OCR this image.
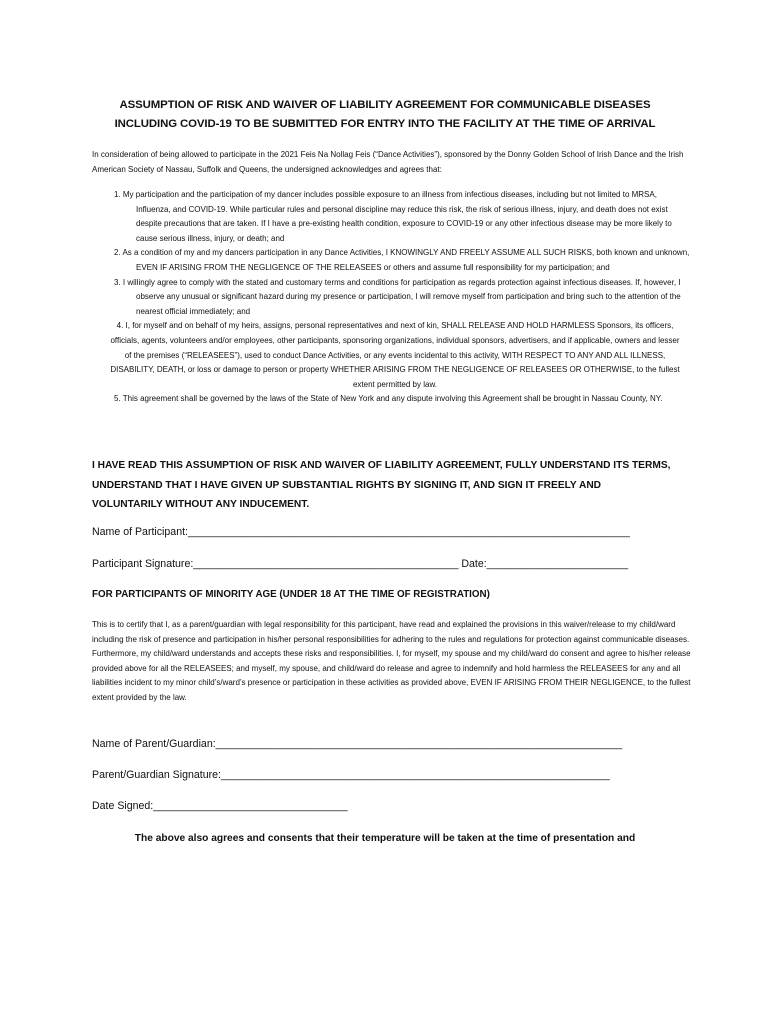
ASSUMPTION OF RISK AND WAIVER OF LIABILITY AGREEMENT FOR COMMUNICABLE DISEASES
INCLUDING COVID-19 TO BE SUBMITTED FOR ENTRY INTO THE FACILITY AT THE TIME OF ARRIVAL
In consideration of being allowed to participate in the 2021 Feis Na Nollag Feis (“Dance Activities”), sponsored by the Donny Golden School of Irish Dance and the Irish American Society of Nassau, Suffolk and Queens, the undersigned acknowledges and agrees that:
1. My participation and the participation of my dancer includes possible exposure to an illness from infectious diseases, including but not limited to MRSA, Influenza, and COVID-19. While particular rules and personal discipline may reduce this risk, the risk of serious illness, injury, and death does not exist despite precautions that are taken. If I have a pre-existing health condition, exposure to COVID-19 or any other infectious disease may be more likely to cause serious illness, injury, or death; and
2. As a condition of my and my dancers participation in any Dance Activities, I KNOWINGLY AND FREELY ASSUME ALL SUCH RISKS, both known and unknown, EVEN IF ARISING FROM THE NEGLIGENCE OF THE RELEASEES or others and assume full responsibility for my participation; and
3. I willingly agree to comply with the stated and customary terms and conditions for participation as regards protection against infectious diseases. If, however, I observe any unusual or significant hazard during my presence or participation, I will remove myself from participation and bring such to the attention of the nearest official immediately; and
4. I, for myself and on behalf of my heirs, assigns, personal representatives and next of kin, SHALL RELEASE AND HOLD HARMLESS Sponsors, its officers, officials, agents, volunteers and/or employees, other participants, sponsoring organizations, individual sponsors, advertisers, and if applicable, owners and lesser of the premises (“RELEASEES”), used to conduct Dance Activities, or any events incidental to this activity, WITH RESPECT TO ANY AND ALL ILLNESS, DISABILITY, DEATH, or loss or damage to person or property WHETHER ARISING FROM THE NEGLIGENCE OF RELEASEES OR OTHERWISE, to the fullest extent permitted by law.
5. This agreement shall be governed by the laws of the State of New York and any dispute involving this Agreement shall be brought in Nassau County, NY.
I HAVE READ THIS ASSUMPTION OF RISK AND WAIVER OF LIABILITY AGREEMENT, FULLY UNDERSTAND ITS TERMS, UNDERSTAND THAT I HAVE GIVEN UP SUBSTANTIAL RIGHTS BY SIGNING IT, AND SIGN IT FREELY AND VOLUNTARILY WITHOUT ANY INDUCEMENT.
Name of Participant:___________________________________________________________________________
Participant Signature:_____________________________________________ Date:________________________
FOR PARTICIPANTS OF MINORITY AGE (UNDER 18 AT THE TIME OF REGISTRATION)
This is to certify that I, as a parent/guardian with legal responsibility for this participant, have read and explained the provisions in this waiver/release to my child/ward including the risk of presence and participation in his/her personal responsibilities for adhering to the rules and regulations for protection against communicable diseases. Furthermore, my child/ward understands and accepts these risks and responsibilities. I, for myself, my spouse and my child/ward do consent and agree to his/her release provided above for all the RELEASEES; and myself, my spouse, and child/ward do release and agree to indemnify and hold harmless the RELEASEES for any and all liabilities incident to my minor child’s/ward’s presence or participation in these activities as provided above, EVEN IF ARISING FROM THEIR NEGLIGENCE, to the fullest extent provided by the law.
Name of Parent/Guardian:_____________________________________________________________________
Parent/Guardian Signature:__________________________________________________________________
Date Signed:_________________________________
The above also agrees and consents that their temperature will be taken at the time of presentation and
